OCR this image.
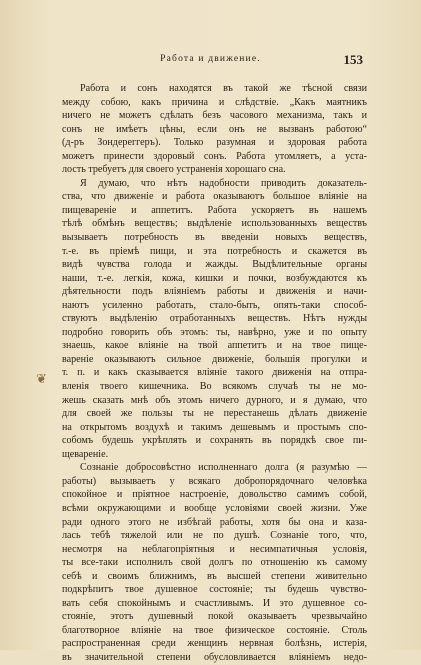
Работа и движение.	153
❦
Работа и сонъ находятся въ такой же тѣсной связи
между собою, какъ причина и слѣдствіе. „Какъ маятникъ
ничего не можетъ сдѣлать безъ часового механизма, такъ и
сонъ не имѣетъ цѣны, если онъ не вызванъ работою“
(д-ръ Зондереггеръ). Только разумная и здоровая работа
можетъ принести здоровый сонъ. Работа утомляетъ, а уста-
лость требуетъ для своего устраненія хорошаго сна.
Я думаю, что нѣтъ надобности приводить доказатель-
ства, что движеніе и работа оказываютъ большое вліяніе на
пищевареніе и аппетитъ. Работа ускоряетъ въ нашемъ
тѣлѣ обмѣнъ веществъ; выдѣленіе использованныхъ веществъ
вызываетъ потребность въ введеніи новыхъ веществъ,
т.-е. въ пріемѣ пищи, и эта потребность и скажется въ
видѣ чувства голода и жажды. Выдѣлительные органы
наши, т.-е. легкія, кожа, кишки и почки, возбуждаются къ
дѣятельности подъ вліяніемъ работы и движенія и начи-
наютъ усиленно работать, стало-быть, опять-таки способ-
ствуютъ выдѣленію отработанныхъ веществъ. Нѣтъ нужды
подробно говорить объ этомъ: ты, навѣрно, уже и по опыту
знаешь, какое вліяніе на твой аппетитъ и на твое пище-
вареніе оказываютъ сильное движеніе, большія прогулки и
т. п. и какъ сказывается вліяніе такого движенія на отпра-
вленія твоего кишечника. Во всякомъ случаѣ ты не мо-
жешь сказать мнѣ объ этомъ ничего дурного, и я думаю, что
для своей же пользы ты не перестанешь дѣлать движеніе
на открытомъ воздухѣ и такимъ дешевымъ и простымъ спо-
собомъ будешь укрѣплять и сохранять въ порядкѣ свое пи-
щевареніе.
Сознаніе добросовѣстно исполненнаго долга (я разумѣю —
работы) вызываетъ у всякаго добропорядочнаго человѣка
спокойное и пріятное настроеніе, довольство самимъ собой,
всѣми окружающими и вообще условіями своей жизни. Уже
ради одного этого не избѣгай работы, хотя бы она и каза-
лась тебѣ тяжелой или не по душѣ. Сознаніе того, что,
несмотря на неблагопріятныя и несимпатичныя условія,
ты все-таки исполнилъ свой долгъ по отношенію къ самому
себѣ и своимъ ближнимъ, въ высшей степени живительно
подкрѣпитъ твое душевное состояніе; ты будешь чувство-
вать себя спокойнымъ и счастливымъ. И это душевное со-
стояніе, этотъ душевный покой оказываетъ чрезвычайно
благотворное вліяніе на твое физическое состояніе. Столь
распространенная среди женщинъ нервная болѣзнь, истерія,
въ значительной степени обусловливается вліяніемъ недо-
